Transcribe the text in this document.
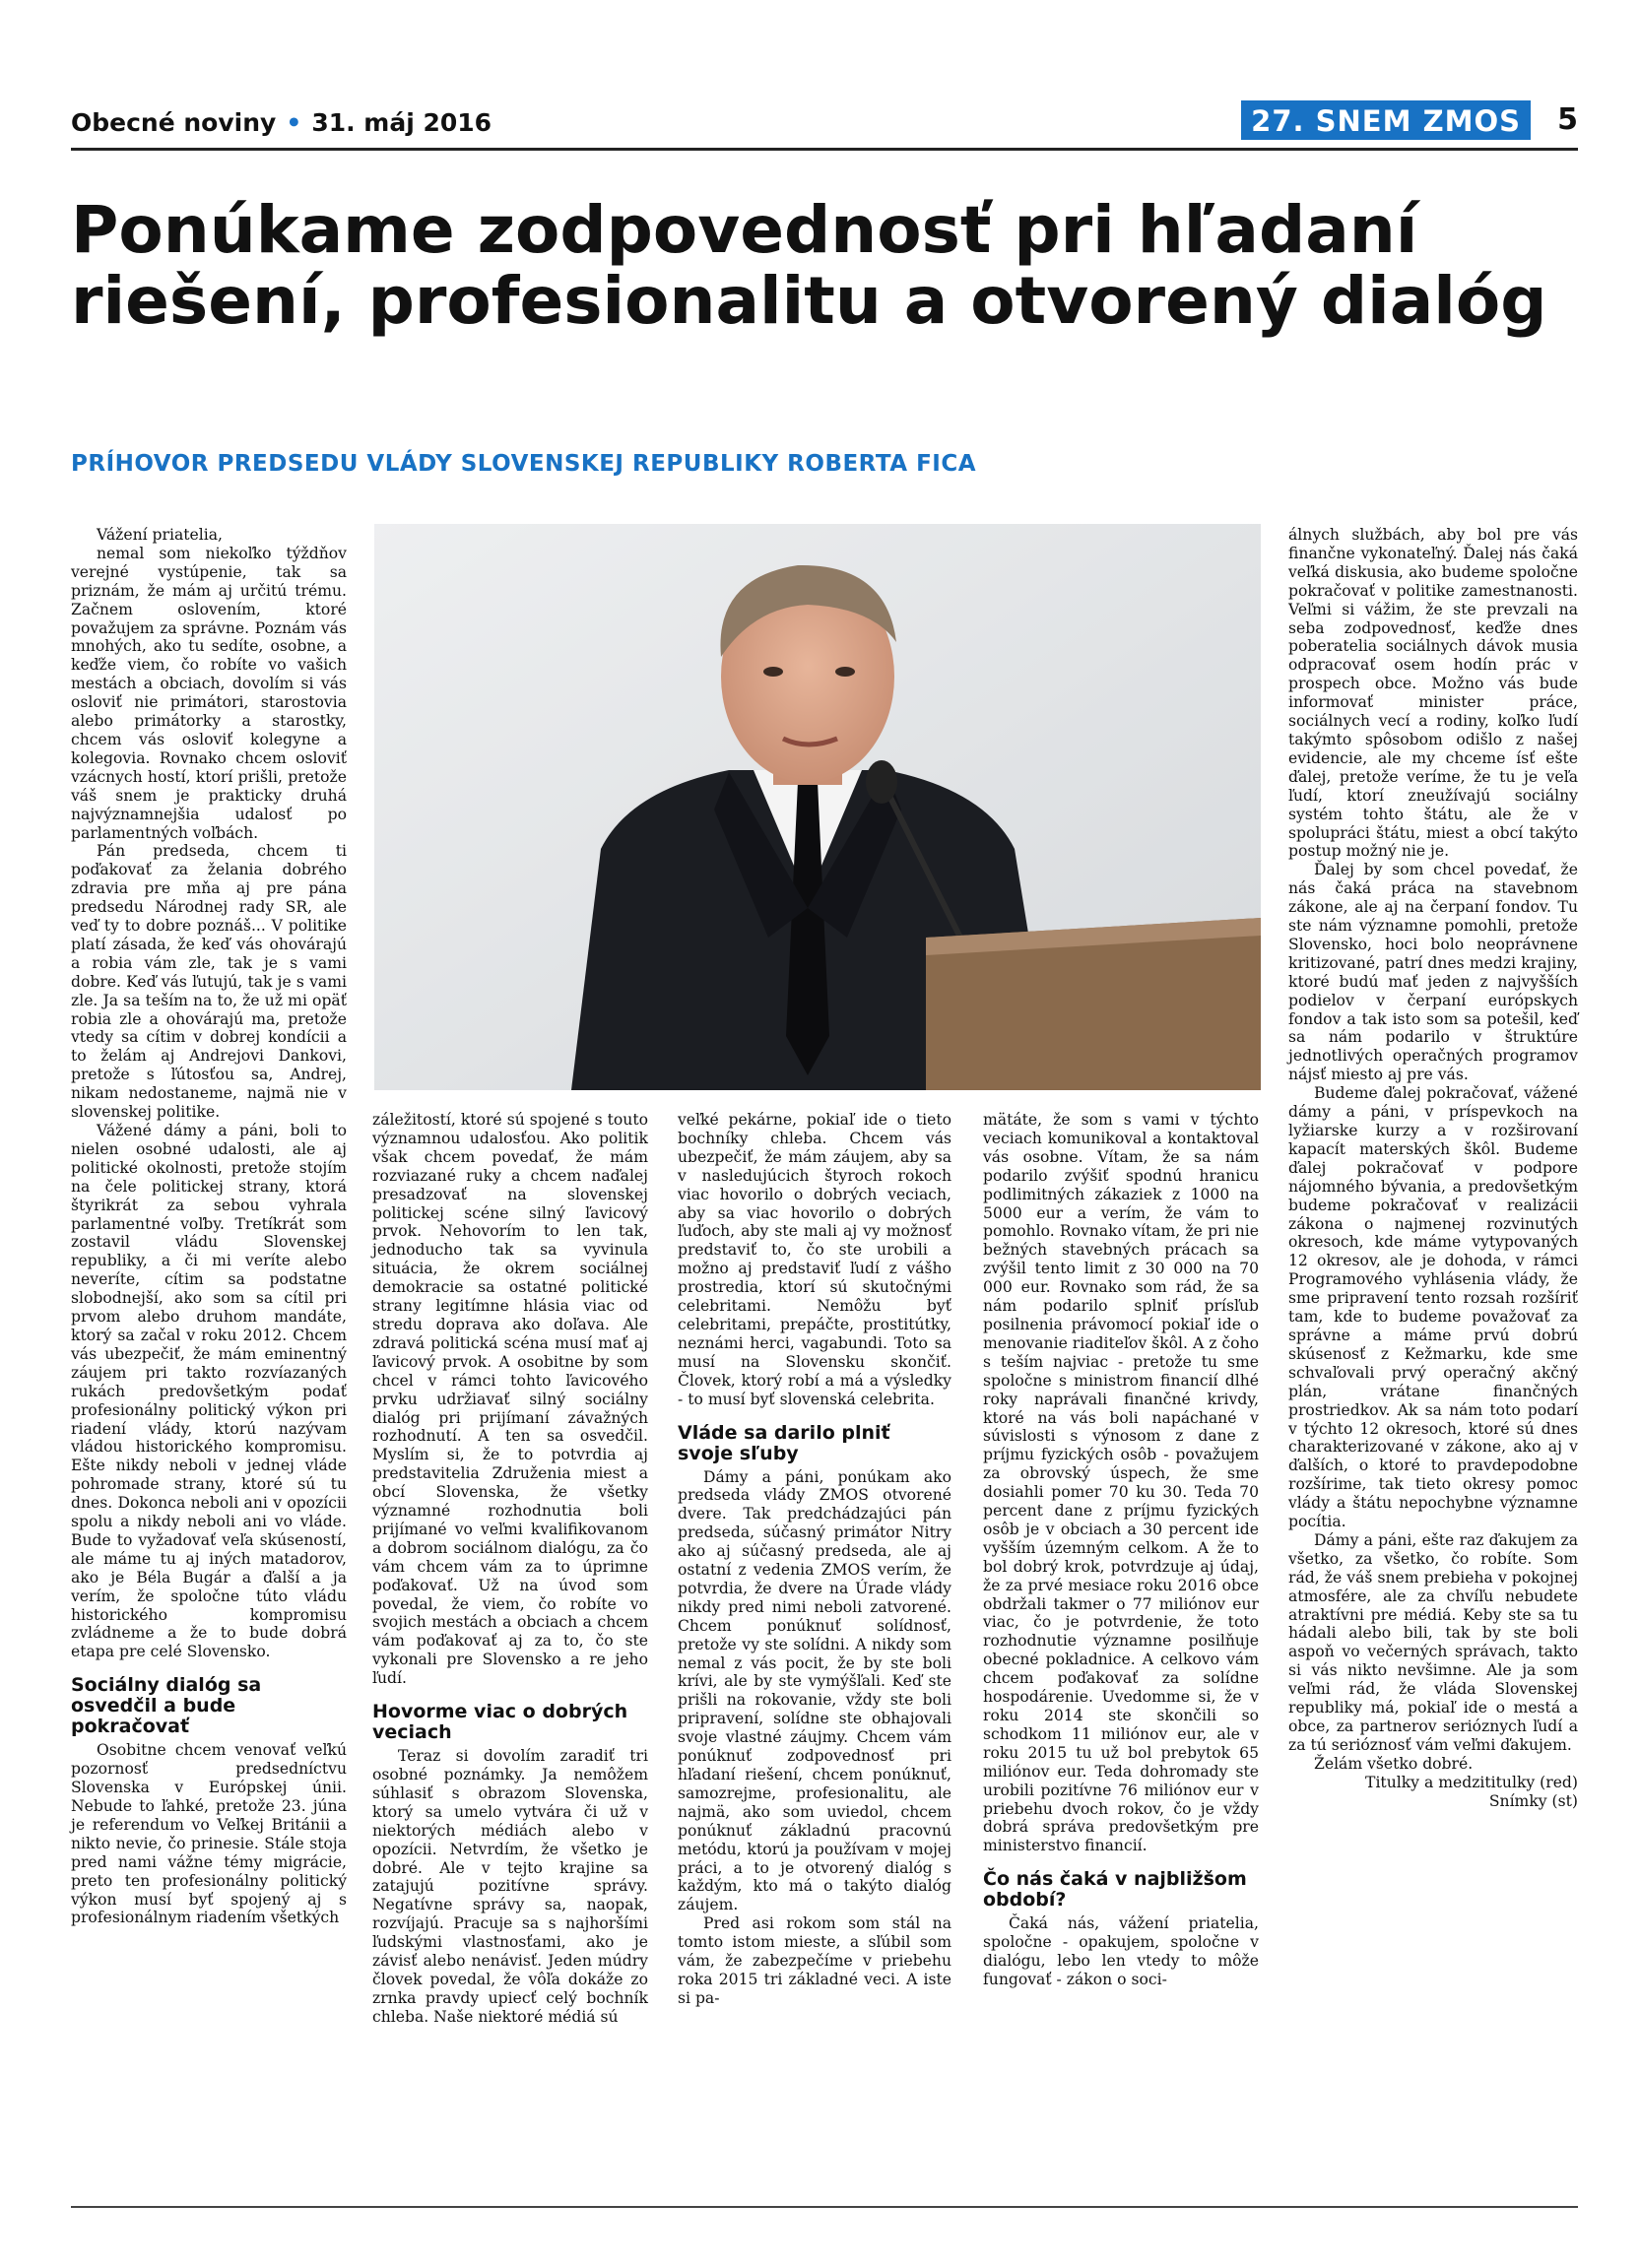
Obecné noviny • 31. máj 2016	27. SNEM ZMOS	5
Ponúkame zodpovednosť pri hľadaní riešení, profesionalitu a otvorený dialóg
PRÍHOVOR PREDSEDU VLÁDY SLOVENSKEJ REPUBLIKY ROBERTA FICA

Vážení priatelia,

nemal som niekoľko týždňov verejné vystúpenie, tak sa priznám, že mám aj určitú trému. Začnem oslovením, ktoré považujem za správne. Poznám vás mnohých, ako tu sedíte, osobne, a keďže viem, čo robíte vo vašich mestách a obciach, dovolím si vás osloviť nie primátori, starostovia alebo primátorky a starostky, chcem vás osloviť kolegyne a kolegovia. Rovnako chcem osloviť vzácnych hostí, ktorí prišli, pretože váš snem je prakticky druhá najvýznamnejšia udalosť po parlamentných voľbách.

Pán predseda, chcem ti poďakovať za želania dobrého zdravia pre mňa aj pre pána predsedu Národnej rady SR, ale veď ty to dobre poznáš... V politike platí zásada, že keď vás ohovárajú a robia vám zle, tak je s vami dobre. Keď vás ľutujú, tak je s vami zle. Ja sa teším na to, že už mi opäť robia zle a ohovárajú ma, pretože vtedy sa cítim v dobrej kondícii a to želám aj Andrejovi Dankovi, pretože s ľútosťou sa, Andrej, nikam nedostaneme, najmä nie v slovenskej politike.

Vážené dámy a páni, boli to nielen osobné udalosti, ale aj politické okolnosti, pretože stojím na čele politickej strany, ktorá štyrikrát za sebou vyhrala parlamentné voľby. Tretíkrát som zostavil vládu Slovenskej republiky, a či mi veríte alebo neveríte, cítim sa podstatne slobodnejší, ako som sa cítil pri prvom alebo druhom mandáte, ktorý sa začal v roku 2012. Chcem vás ubezpečiť, že mám eminentný záujem pri takto rozvíazaných rukách predovšetkým podať profesionálny politický výkon pri riadení vlády, ktorú nazývam vládou historického kompromisu. Ešte nikdy neboli v jednej vláde pohromade strany, ktoré sú tu dnes. Dokonca neboli ani v opozícii spolu a nikdy neboli ani vo vláde. Bude to vyžadovať veľa skúseností, ale máme tu aj iných matadorov, ako je Béla Bugár a ďalší a ja verím, že spoločne túto vládu historického kompromisu zvládneme a že to bude dobrá etapa pre celé Slovensko.

Sociálny dialóg sa osvedčil a bude pokračovať

Osobitne chcem venovať veľkú pozornosť predsedníctvu Slovenska v Európskej únii. Nebude to ľahké, pretože 23. júna je referendum vo Veľkej Británii a nikto nevie, čo prinesie. Stále stoja pred nami vážne témy migrácie, preto ten profesionálny politický výkon musí byť spojený aj s profesionálnym riadením všetkých

záležitostí, ktoré sú spojené s touto významnou udalosťou. Ako politik však chcem povedať, že mám rozviazané ruky a chcem naďalej presadzovať na slovenskej politickej scéne silný ľavicový prvok. Nehovorím to len tak, jednoducho tak sa vyvinula situácia, že okrem sociálnej demokracie sa ostatné politické strany legitímne hlásia viac od stredu doprava ako doľava. Ale zdravá politická scéna musí mať aj ľavicový prvok. A osobitne by som chcel v rámci tohto ľavicového prvku udržiavať silný sociálny dialóg pri prijímaní závažných rozhodnutí. A ten sa osvedčil. Myslím si, že to potvrdia aj predstavitelia Združenia miest a obcí Slovenska, že všetky významné rozhodnutia boli prijímané vo veľmi kvalifikovanom a dobrom sociálnom dialógu, za čo vám chcem vám za to úprimne poďakovať. Už na úvod som povedal, že viem, čo robíte vo svojich mestách a obciach a chcem vám poďakovať aj za to, čo ste vykonali pre Slovensko a re jeho ľudí.

Hovorme viac o dobrých veciach

Teraz si dovolím zaradiť tri osobné poznámky. Ja nemôžem súhlasiť s obrazom Slovenska, ktorý sa umelo vytvára či už v niektorých médiách alebo v opozícii. Netvrdím, že všetko je dobré. Ale v tejto krajine sa zatajujú pozitívne správy. Negatívne správy sa, naopak, rozvíjajú. Pracuje sa s najhoršími ľudskými vlastnosťami, ako je závisť alebo nenávisť. Jeden múdry človek povedal, že vôľa dokáže zo zrnka pravdy upiecť celý bochník chleba. Naše niektoré médiá sú

veľké pekárne, pokiaľ ide o tieto bochníky chleba. Chcem vás ubezpečiť, že mám záujem, aby sa v nasledujúcich štyroch rokoch viac hovorilo o dobrých veciach, aby sa viac hovorilo o dobrých ľuďoch, aby ste mali aj vy možnosť predstaviť to, čo ste urobili a možno aj predstaviť ľudí z vášho prostredia, ktorí sú skutočnými celebritami. Nemôžu byť celebritami, prepáčte, prostitútky, neznámi herci, vagabundi. Toto sa musí na Slovensku skončiť. Človek, ktorý robí a má a výsledky - to musí byť slovenská celebrita.

Vláde sa darilo plniť svoje sľuby

Dámy a páni, ponúkam ako predseda vlády ZMOS otvorené dvere. Tak predchádzajúci pán predseda, súčasný primátor Nitry ako aj súčasný predseda, ale aj ostatní z vedenia ZMOS verím, že potvrdia, že dvere na Úrade vlády nikdy pred nimi neboli zatvorené. Chcem ponúknuť solídnosť, pretože vy ste solídni. A nikdy som nemal z vás pocit, že by ste boli krívi, ale by ste vymýšľali. Keď ste prišli na rokovanie, vždy ste boli pripravení, solídne ste obhajovali svoje vlastné záujmy. Chcem vám ponúknuť zodpovednosť pri hľadaní riešení, chcem ponúknuť, samozrejme, profesionalitu, ale najmä, ako som uviedol, chcem ponúknuť základnú pracovnú metódu, ktorú ja používam v mojej práci, a to je otvorený dialóg s každým, kto má o takýto dialóg záujem.

Pred asi rokom som stál na tomto istom mieste, a sľúbil som vám, že zabezpečíme v priebehu roka 2015 tri základné veci. A iste si pa-

mätáte, že som s vami v týchto veciach komunikoval a kontaktoval vás osobne. Vítam, že sa nám podarilo zvýšiť spodnú hranicu podlimitných zákaziek z 1000 na 5000 eur a verím, že vám to pomohlo. Rovnako vítam, že pri nie bežných stavebných prácach sa zvýšil tento limit z 30 000 na 70 000 eur. Rovnako som rád, že sa nám podarilo splniť prísľub posilnenia právomocí pokiaľ ide o menovanie riaditeľov škôl. A z čoho s teším najviac - pretože tu sme spoločne s ministrom financií dlhé roky naprávali finančné krivdy, ktoré na vás boli napáchané v súvislosti s výnosom z dane z príjmu fyzických osôb - považujem za obrovský úspech, že sme dosiahli pomer 70 ku 30. Teda 70 percent dane z príjmu fyzických osôb je v obciach a 30 percent ide vyšším územným celkom. A že to bol dobrý krok, potvrdzuje aj údaj, že za prvé mesiace roku 2016 obce obdržali takmer o 77 miliónov eur viac, čo je potvrdenie, že toto rozhodnutie významne posilňuje obecné pokladnice. A celkovo vám chcem poďakovať za solídne hospodárenie. Uvedomme si, že v roku 2014 ste skončili so schodkom 11 miliónov eur, ale v roku 2015 tu už bol prebytok 65 miliónov eur. Teda dohromady ste urobili pozitívne 76 miliónov eur v priebehu dvoch rokov, čo je vždy dobrá správa predovšetkým pre ministerstvo financií.

Čo nás čaká v najbližšom období?

Čaká nás, vážení priatelia, spoločne - opakujem, spoločne v dialógu, lebo len vtedy to môže fungovať - zákon o soci-

álnych službách, aby bol pre vás finančne vykonateľný. Ďalej nás čaká veľká diskusia, ako budeme spoločne pokračovať v politike zamestnanosti. Veľmi si vážim, že ste prevzali na seba zodpovednosť, keďže dnes poberatelia sociálnych dávok musia odpracovať osem hodín prác v prospech obce. Možno vás bude informovať minister práce, sociálnych vecí a rodiny, koľko ľudí takýmto spôsobom odišlo z našej evidencie, ale my chceme ísť ešte ďalej, pretože veríme, že tu je veľa ľudí, ktorí zneužívajú sociálny systém tohto štátu, ale že v spolupráci štátu, miest a obcí takýto postup možný nie je.

Ďalej by som chcel povedať, že nás čaká práca na stavebnom zákone, ale aj na čerpaní fondov. Tu ste nám významne pomohli, pretože Slovensko, hoci bolo neoprávnene kritizované, patrí dnes medzi krajiny, ktoré budú mať jeden z najvyšších podielov v čerpaní európskych fondov a tak isto som sa potešil, keď sa nám podarilo v štruktúre jednotlivých operačných programov nájsť miesto aj pre vás.

Budeme ďalej pokračovať, vážené dámy a páni, v príspevkoch na lyžiarske kurzy a v rozširovaní kapacít materských škôl. Budeme ďalej pokračovať v podpore nájomného bývania, a predovšetkým budeme pokračovať v realizácii zákona o najmenej rozvinutých okresoch, kde máme vytypovaných 12 okresov, ale je dohoda, v rámci Programového vyhlásenia vlády, že sme pripravení tento rozsah rozšíriť tam, kde to budeme považovať za správne a máme prvú dobrú skúsenosť z Kežmarku, kde sme schvaľovali prvý operačný akčný plán, vrátane finančných prostriedkov. Ak sa nám toto podarí v týchto 12 okresoch, ktoré sú dnes charakterizované v zákone, ako aj v ďalších, o ktoré to pravdepodobne rozšírime, tak tieto okresy pomoc vlády a štátu nepochybne významne pocítia.

Dámy a páni, ešte raz ďakujem za všetko, za všetko, čo robíte. Som rád, že váš snem prebieha v pokojnej atmosfére, ale za chvíľu nebudete atraktívni pre médiá. Keby ste sa tu hádali alebo bili, tak by ste boli aspoň vo večerných správach, takto si vás nikto nevšimne. Ale ja som veľmi rád, že vláda Slovenskej republiky má, pokiaľ ide o mestá a obce, za partnerov serióznych ľudí a za tú serióznosť vám veľmi ďakujem.

Želám všetko dobré.

Titulky a medzititulky (red)

Snímky (st)
